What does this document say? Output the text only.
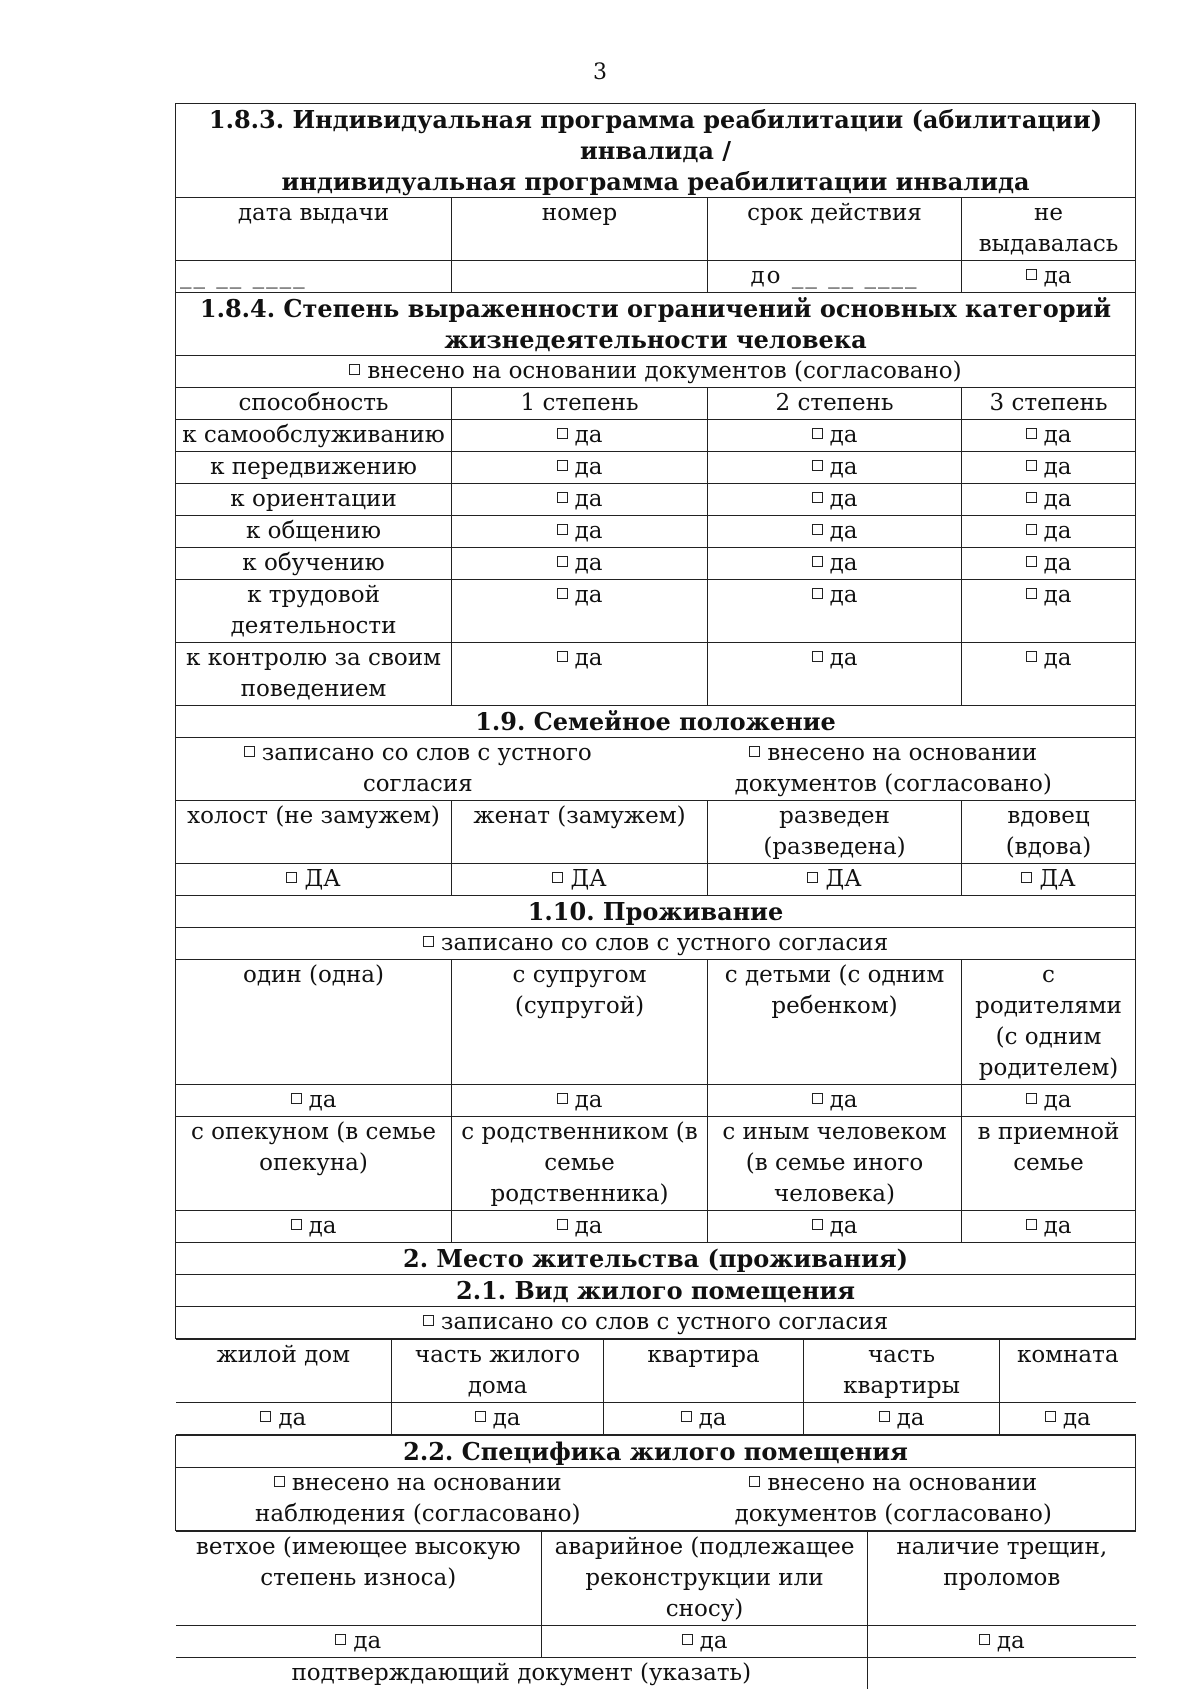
3
1.8.3. Индивидуальная программа реабилитации (абилитации) инвалида /
индивидуальная программа реабилитации инвалида
дата выдачи	номер	срок действия	не выдавалась
__ __ ____		до __ __ ____	да
1.8.4. Степень выраженности ограничений основных категорий
жизнедеятельности человека
внесено на основании документов (согласовано)
способность	1 степень	2 степень	3 степень
к самообслуживанию	да	да	да
к передвижению	да	да	да
к ориентации	да	да	да
к общению	да	да	да
к обучению	да	да	да
к трудовой деятельности	да	да	да
к контролю за своим поведением	да	да	да
1.9. Семейное положение

записано со слов с устного согласия
внесено на основании документов (согласовано)

холост (не замужем)	женат (замужем)	разведен (разведена)	вдовец (вдова)
ДА	ДА	ДА	ДА
1.10. Проживание
записано со слов с устного согласия
один (одна)	с супругом (супругой)	с детьми (с одним ребенком)	с родителями (с одним родителем)
да	да	да	да
с опекуном (в семье опекуна)	с родственником (в семье родственника)	с иным человеком (в семье иного человека)	в приемной семье
да	да	да	да
2. Место жительства (проживания)
2.1. Вид жилого помещения
записано со слов с устного согласия

жилой дом	часть жилого дома	квартира	часть квартиры	комната
да	да	да	да	да

2.2. Специфика жилого помещения

внесено на основании наблюдения (согласовано)
внесено на основании документов (согласовано)

ветхое (имеющее высокую степень износа)	аварийное (подлежащее реконструкции или сносу)	наличие трещин, проломов
да	да	да
подтверждающий документ (указать)	
